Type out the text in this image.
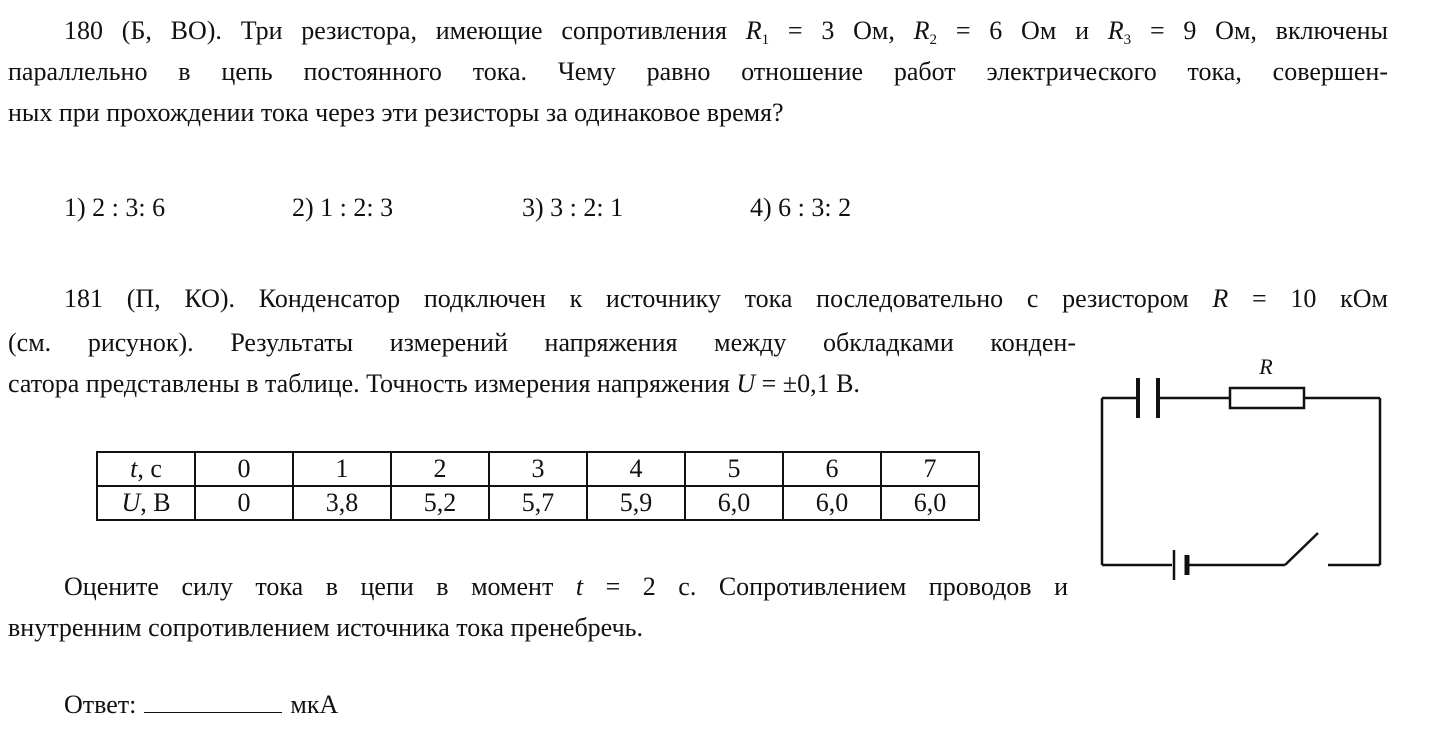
180 (Б, ВО). Три резистора, имеющие сопротивления $R_1 = 3$ Ом, $R_2 = 6$ Ом и $R_3 = 9$ Ом, включены
параллельно в цепь постоянного тока. Чему равно отношение работ электрического тока, совершен-
ных при прохождении тока через эти резисторы за одинаковое время?
1) 2 : 3: 6	2) 1 : 2: 3	3) 3 : 2: 1	4) 6 : 3: 2
181 (П, КО). Конденсатор подключен к источнику тока последовательно с резистором R = 10 кОм
(см. рисунок). Результаты измерений напряжения между обкладками конден-
сатора представлены в таблице. Точность измерения напряжения U = ±0,1 В.
t, с	0	1	2	3	4	5	6	7
U, В	0	3,8	5,2	5,7	5,9	6,0	6,0	6,0
Оцените силу тока в цепи в момент t = 2 с. Сопротивлением проводов и
внутренним сопротивлением источника тока пренебречь.
Ответ:	мкА
R
